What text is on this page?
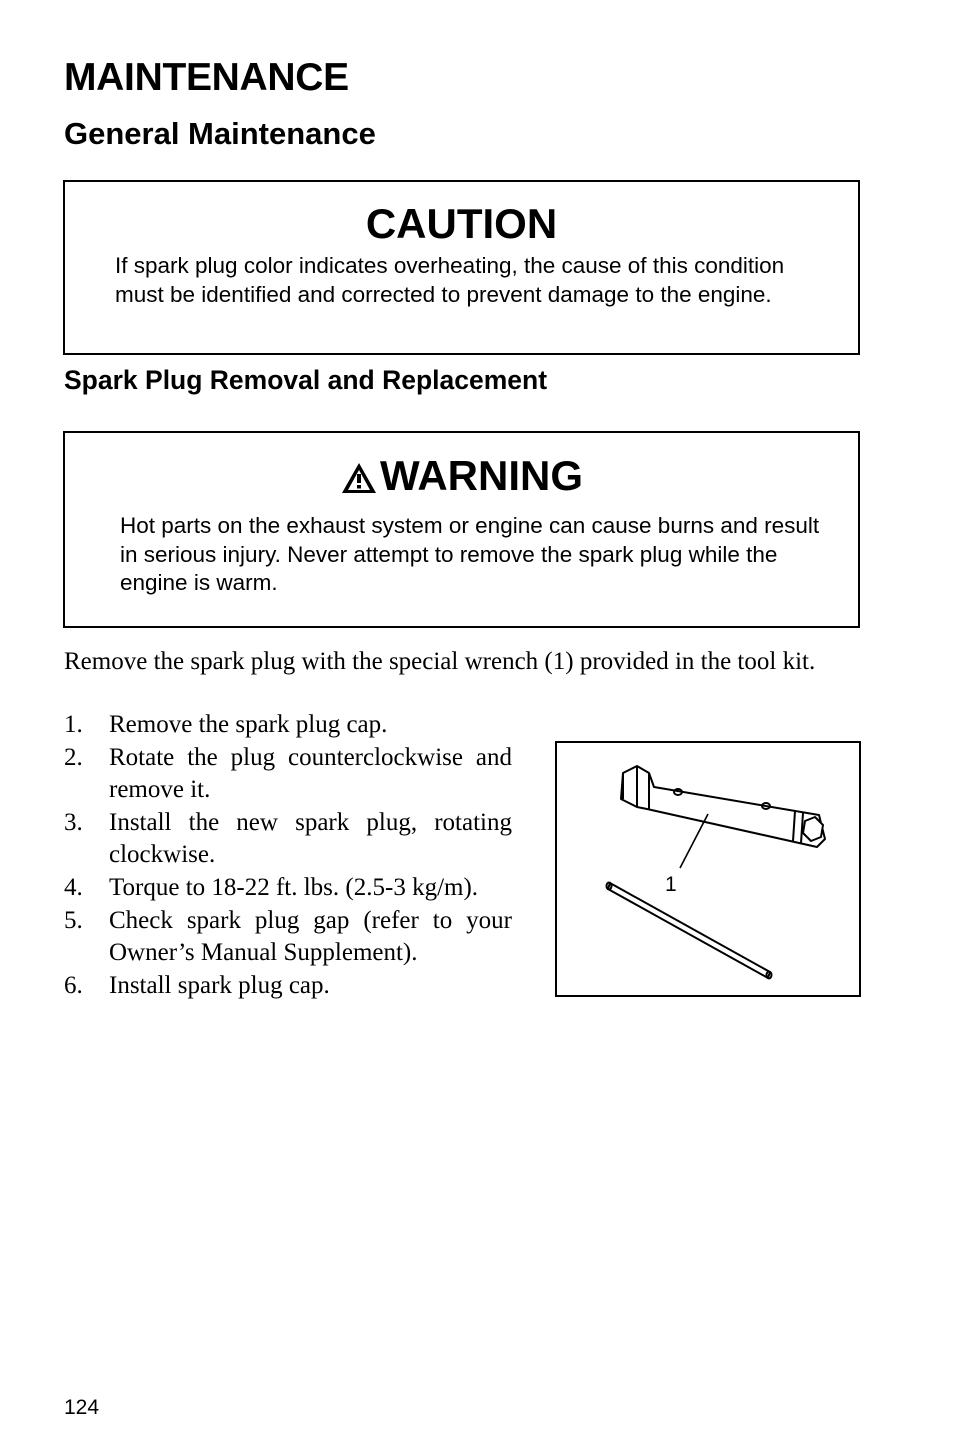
MAINTENANCE
General Maintenance
CAUTION

If spark plug color indicates overheating, the cause of this condition must be identified and corrected to prevent damage to the engine.

Spark Plug Removal and Replacement
WARNING

Hot parts on the exhaust system or engine can cause burns and result in serious injury. Never attempt to remove the spark plug while the engine is warm.

Remove the spark plug with the special wrench (1) provided in the tool kit.

1. Remove the spark plug cap.
2. Rotate the plug counterclockwise and remove it.
3. Install the new spark plug, rotating clockwise.
4. Torque to 18-22 ft. lbs. (2.5-3 kg/m).
5. Check spark plug gap (refer to your Owner’s Manual Supplement).
6. Install spark plug cap.
1

124
